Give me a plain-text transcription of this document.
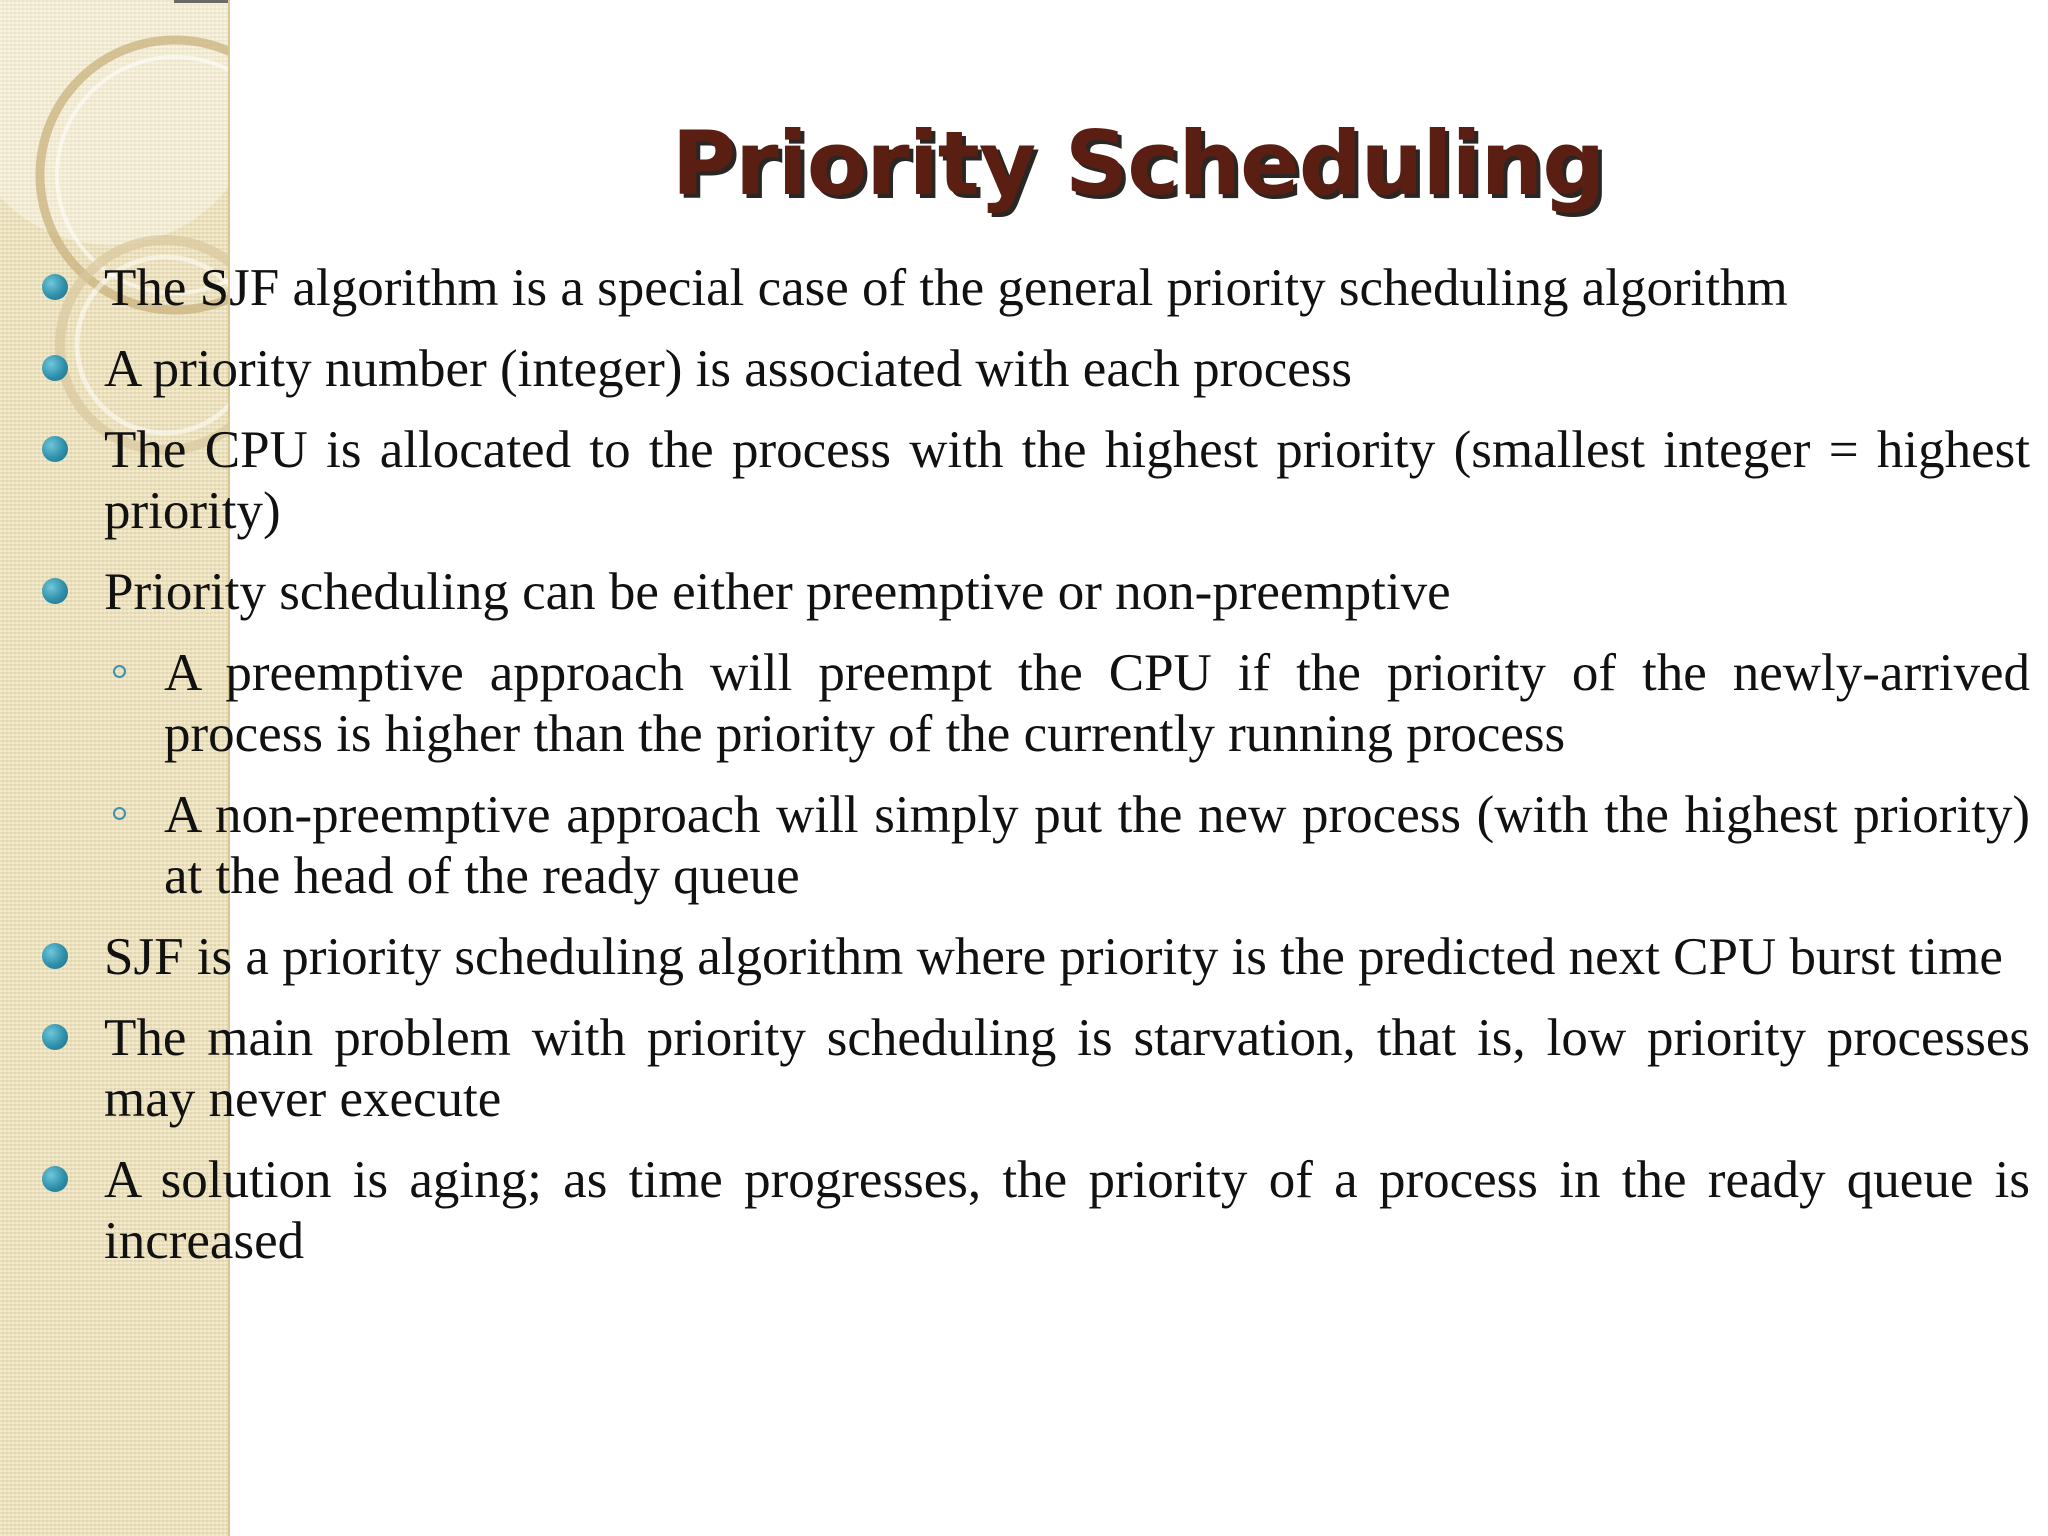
Priority Scheduling
The SJF algorithm is a special case of the general priority scheduling algorithm
A priority number (integer) is associated with each process
The CPU is allocated to the process with the highest priority (smallest integer = highest priority)
Priority scheduling can be either preemptive or non-preemptive
A preemptive approach will preempt the CPU if the priority of the newly-arrived process is higher than the priority of the currently running process
A non-preemptive approach will simply put the new process (with the highest priority) at the head of the ready queue
SJF is a priority scheduling algorithm where priority is the predicted next CPU burst time
The main problem with priority scheduling is starvation, that is, low priority processes may never execute
A solution is aging; as time progresses, the priority of a process in the ready queue is increased
